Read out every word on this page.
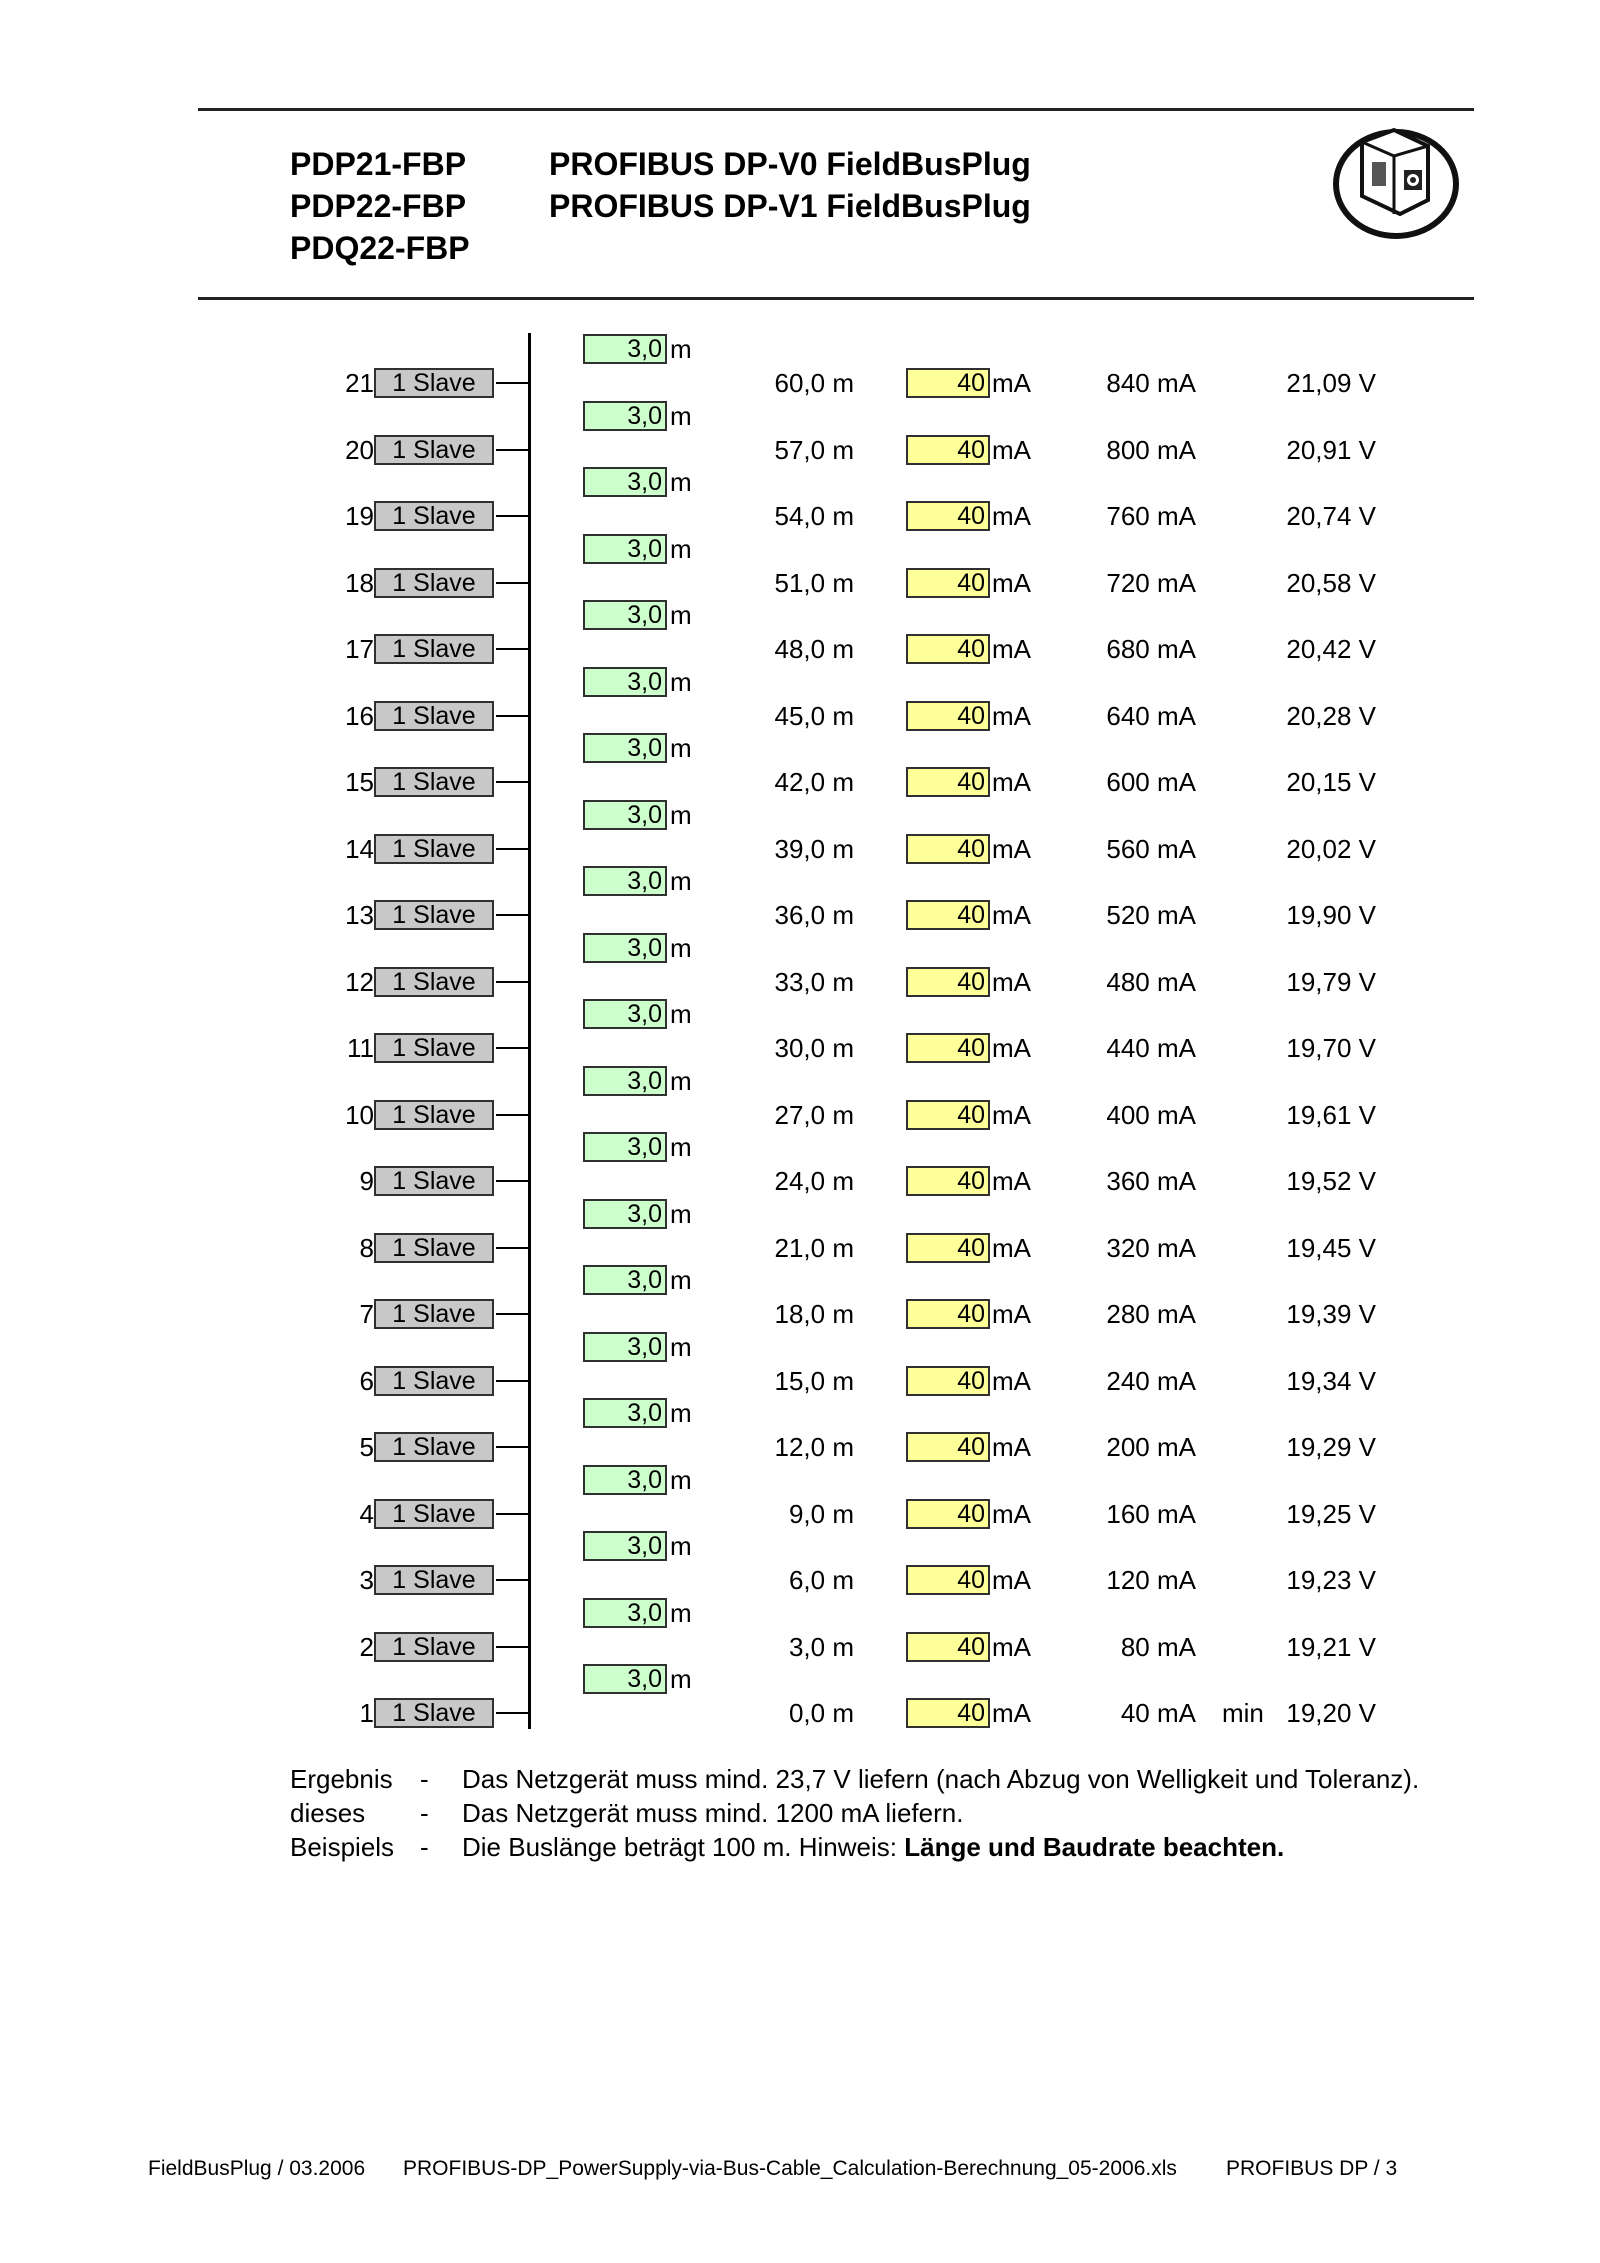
PDP21-FBP
PDP22-FBP
PDQ22-FBP
PROFIBUS DP-V0 FieldBusPlug
PROFIBUS DP-V1 FieldBusPlug
3,0 m
21 1 Slave	60,0 m	40 mA	840 mA	21,09 V
3,0 m
20 1 Slave	57,0 m	40 mA	800 mA	20,91 V
3,0 m
19 1 Slave	54,0 m	40 mA	760 mA	20,74 V
3,0 m
18 1 Slave	51,0 m	40 mA	720 mA	20,58 V
3,0 m
17 1 Slave	48,0 m	40 mA	680 mA	20,42 V
3,0 m
16 1 Slave	45,0 m	40 mA	640 mA	20,28 V
3,0 m
15 1 Slave	42,0 m	40 mA	600 mA	20,15 V
3,0 m
14 1 Slave	39,0 m	40 mA	560 mA	20,02 V
3,0 m
13 1 Slave	36,0 m	40 mA	520 mA	19,90 V
3,0 m
12 1 Slave	33,0 m	40 mA	480 mA	19,79 V
3,0 m
11 1 Slave	30,0 m	40 mA	440 mA	19,70 V
3,0 m
10 1 Slave	27,0 m	40 mA	400 mA	19,61 V
3,0 m
9 1 Slave	24,0 m	40 mA	360 mA	19,52 V
3,0 m
8 1 Slave	21,0 m	40 mA	320 mA	19,45 V
3,0 m
7 1 Slave	18,0 m	40 mA	280 mA	19,39 V
3,0 m
6 1 Slave	15,0 m	40 mA	240 mA	19,34 V
3,0 m
5 1 Slave	12,0 m	40 mA	200 mA	19,29 V
3,0 m
4 1 Slave	9,0 m	40 mA	160 mA	19,25 V
3,0 m
3 1 Slave	6,0 m	40 mA	120 mA	19,23 V
3,0 m
2 1 Slave	3,0 m	40 mA	80 mA	19,21 V
3,0 m
1 1 Slave	0,0 m	40 mA	40 mA min 19,20 V
Ergebnis - Das Netzgerät muss mind. 23,7 V liefern (nach Abzug von Welligkeit und Toleranz).
dieses - Das Netzgerät muss mind. 1200 mA liefern.
Beispiels - Die Buslänge beträgt 100 m. Hinweis: Länge und Baudrate beachten.
FieldBusPlug / 03.2006 PROFIBUS-DP_PowerSupply-via-Bus-Cable_Calculation-Berechnung_05-2006.xls PROFIBUS DP / 3
